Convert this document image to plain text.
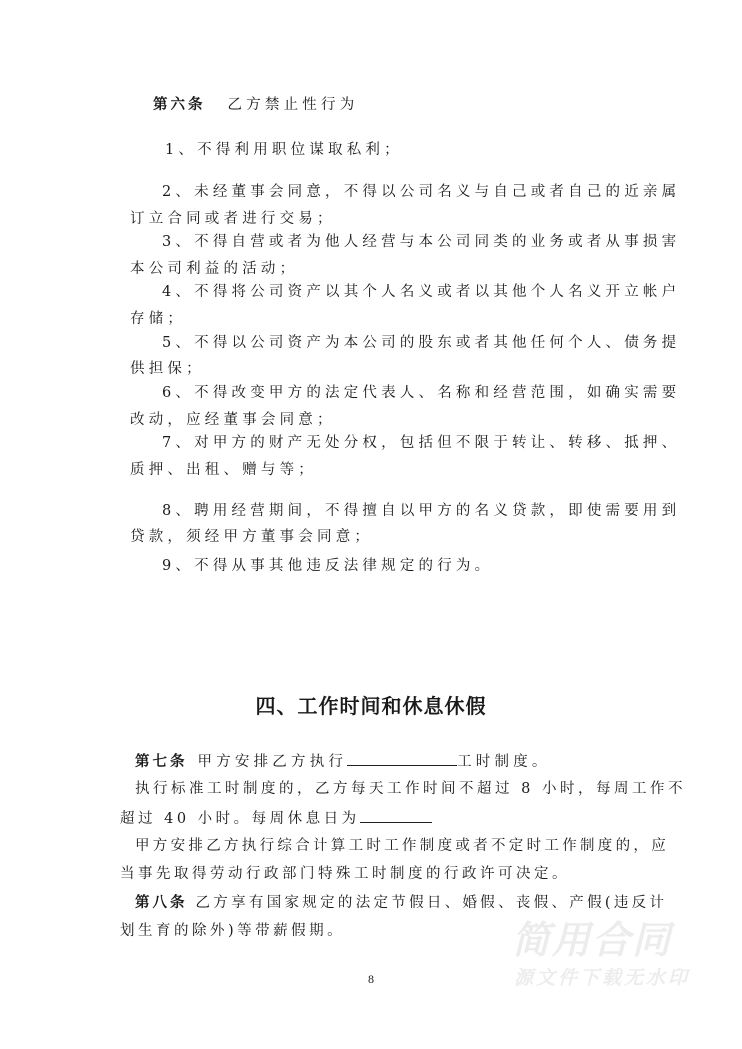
第六条 乙方禁止性行为
1、不得利用职位谋取私利；
2、未经董事会同意，不得以公司名义与自己或者自己的近亲属
订立合同或者进行交易；
3、不得自营或者为他人经营与本公司同类的业务或者从事损害
本公司利益的活动；
4、不得将公司资产以其个人名义或者以其他个人名义开立帐户
存储；
5、不得以公司资产为本公司的股东或者其他任何个人、债务提
供担保；
6、不得改变甲方的法定代表人、名称和经营范围，如确实需要
改动，应经董事会同意；
7、对甲方的财产无处分权，包括但不限于转让、转移、抵押、
质押、出租、赠与等；
8、聘用经营期间，不得擅自以甲方的名义贷款，即使需要用到
贷款，须经甲方董事会同意；
9、不得从事其他违反法律规定的行为。
四、工作时间和休息休假
第七条 甲方安排乙方执行	工时制度。
执行标准工时制度的，乙方每天工作时间不超过 8 小时，每周工作不
超过 40 小时。每周休息日为
甲方安排乙方执行综合计算工时工作制度或者不定时工作制度的，应
当事先取得劳动行政部门特殊工时制度的行政许可决定。
第八条 乙方享有国家规定的法定节假日、婚假、丧假、产假(违反计
划生育的除外)等带薪假期。	简用合同
源文件下载无水印
8
